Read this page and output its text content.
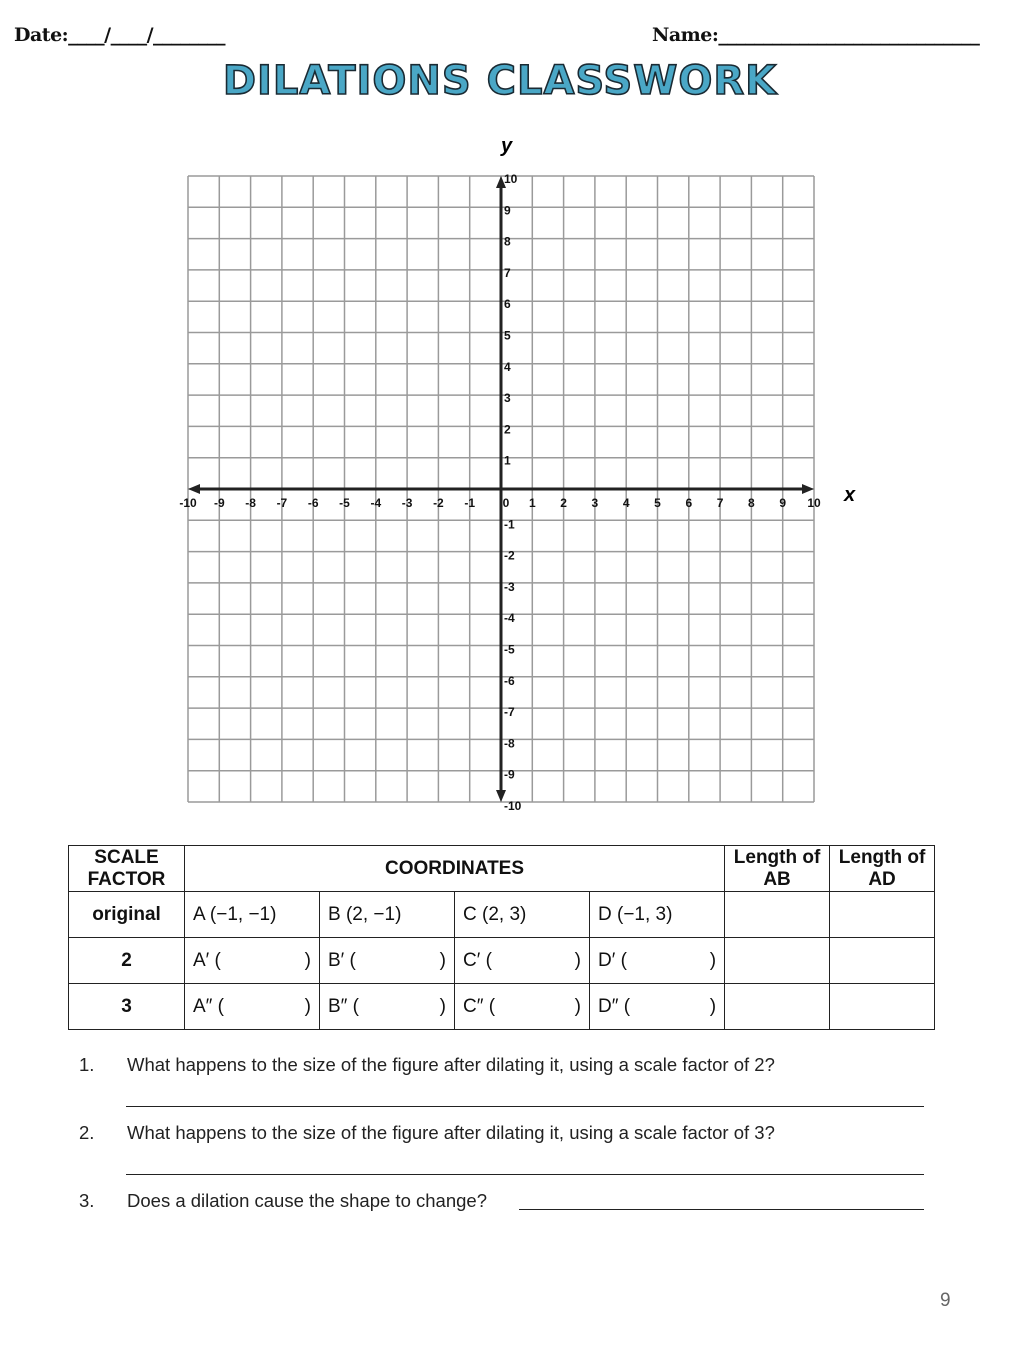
Date:____/____/________	Name:_____________________________
DILATIONS CLASSWORK
-10 -9 -8 -7 -6 -5 -4 -3 -2 -1 0 1 2 3 4 5 6 7 8 9 10
-10
-9
-8
-7
-6
-5
-4
-3
-2
-1
1
2
3
4
5
6
7
8
9
10
x
y
SCALE FACTOR	COORDINATES				Length of AB	Length of AD
original	A (−1, −1)	B (2, −1)	C (2, 3)	D (−1, 3)		

2	A′ ( )	B′ ( )	C′ ( )	D′ ( )		

3	A″ ( )	B″ ( )	C″ ( )	D″ ( )		

1. What happens to the size of the figure after dilating it, using a scale factor of 2?
2. What happens to the size of the figure after dilating it, using a scale factor of 3?
3. Does a dilation cause the shape to change?
9
